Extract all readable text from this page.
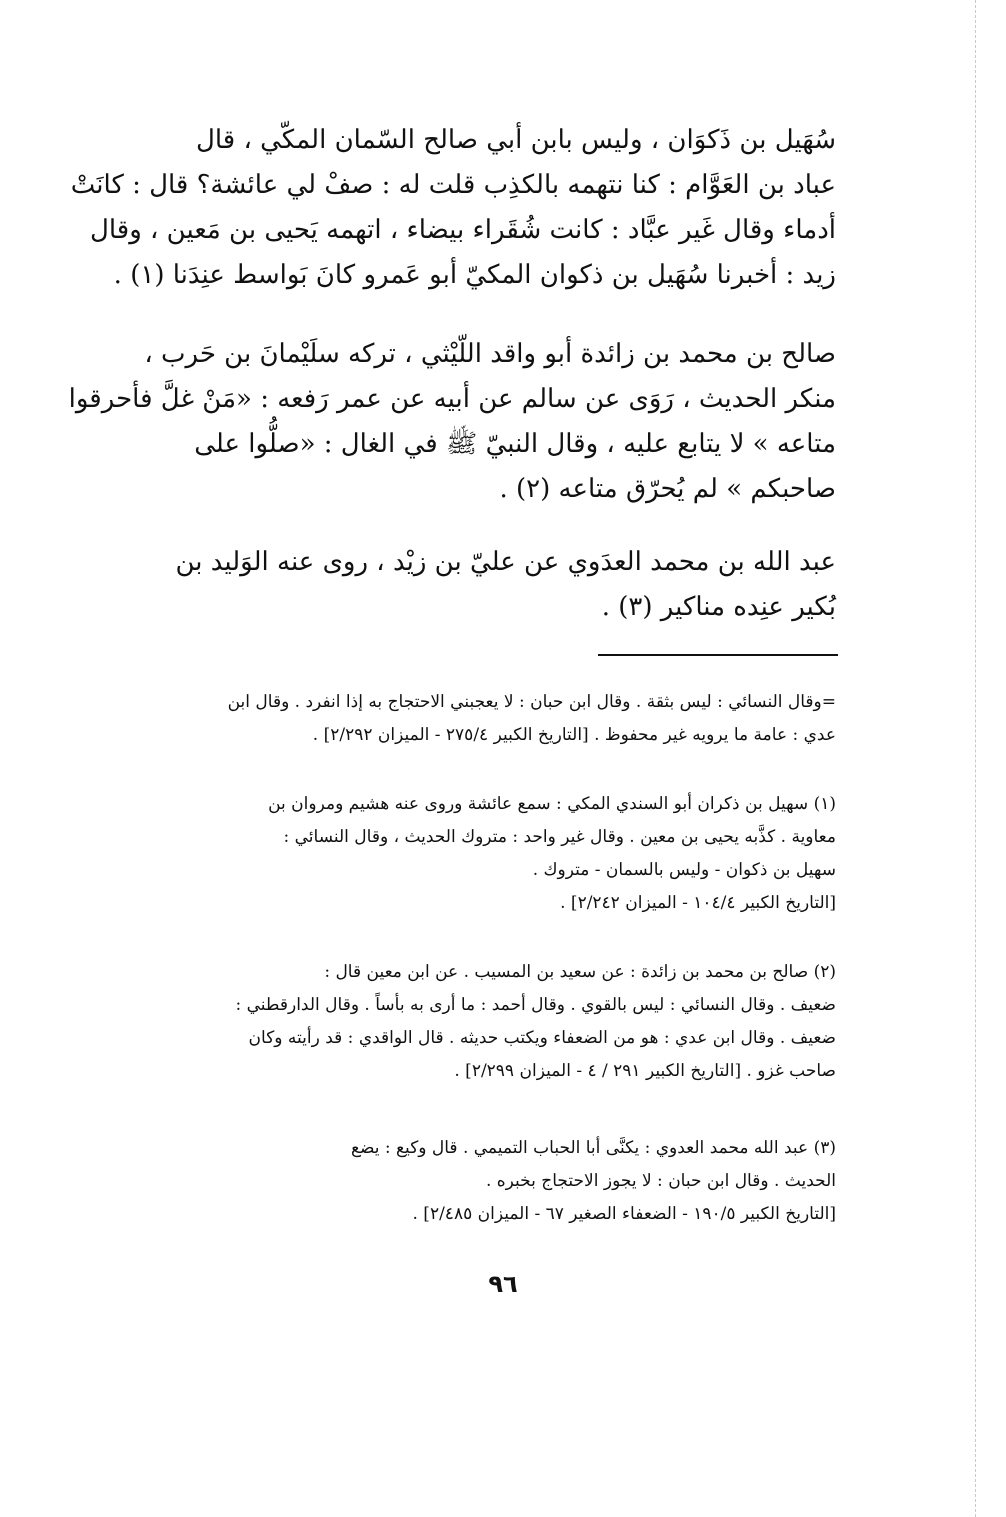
سُهَيل بن ذَكوَان ، وليس بابن أبي صالح السّمان المكّي ، قال
عباد بن العَوَّام : كنا نتهمه بالكذِب قلت له : صفْ لي عائشة؟ قال : كانَتْ
أدماء وقال غَير عبَّاد : كانت شُقَراء بيضاء ، اتهمه يَحيى بن مَعين ، وقال
زيد : أخبرنا سُهَيل بن ذكوان المكيّ أبو عَمرو كانَ بَواسط عنِدَنا (١) .
صالح بن محمد بن زائدة أبو واقد اللّيْثي ، تركه سلَيْمانَ بن حَرب ،
منكر الحديث ، رَوَى عن سالم عن أبيه عن عمر رَفعه : «مَنْ غلَّ فأحرقوا
متاعه » لا يتابع عليه ، وقال النبيّ ﷺ في الغال : «صلُّوا على
صاحبكم » لم يُحرّق متاعه (٢) .
عبد الله بن محمد العدَوي عن عليّ بن زيْد ، روى عنه الوَليد بن
بُكير عنِده مناكير (٣) .
=وقال النسائي : ليس بثقة . وقال ابن حبان : لا يعجبني الاحتجاج به إذا انفرد . وقال ابن
عدي : عامة ما يرويه غير محفوظ . [التاريخ الكبير ٢٧٥/٤ - الميزان ٢/٢٩٢] .
(١) سهيل بن ذكران أبو السندي المكي : سمع عائشة وروى عنه هشيم ومروان بن
معاوية . كذَّبه يحيى بن معين . وقال غير واحد : متروك الحديث ، وقال النسائي :
سهيل بن ذكوان - وليس بالسمان - متروك .
[التاريخ الكبير ١٠٤/٤ - الميزان ٢/٢٤٢] .
(٢) صالح بن محمد بن زائدة : عن سعيد بن المسيب . عن ابن معين قال :
ضعيف . وقال النسائي : ليس بالقوي . وقال أحمد : ما أرى به بأساً . وقال الدارقطني :
ضعيف . وقال ابن عدي : هو من الضعفاء ويكتب حديثه . قال الواقدي : قد رأيته وكان
صاحب غزو . [التاريخ الكبير ٢٩١ / ٤ - الميزان ٢/٢٩٩] .
(٣) عبد الله محمد العدوي : يكنَّى أبا الحباب التميمي . قال وكيع : يضع
الحديث . وقال ابن حبان : لا يجوز الاحتجاج بخبره .
[التاريخ الكبير ١٩٠/٥ - الضعفاء الصغير ٦٧ - الميزان ٢/٤٨٥] .
٩٦
